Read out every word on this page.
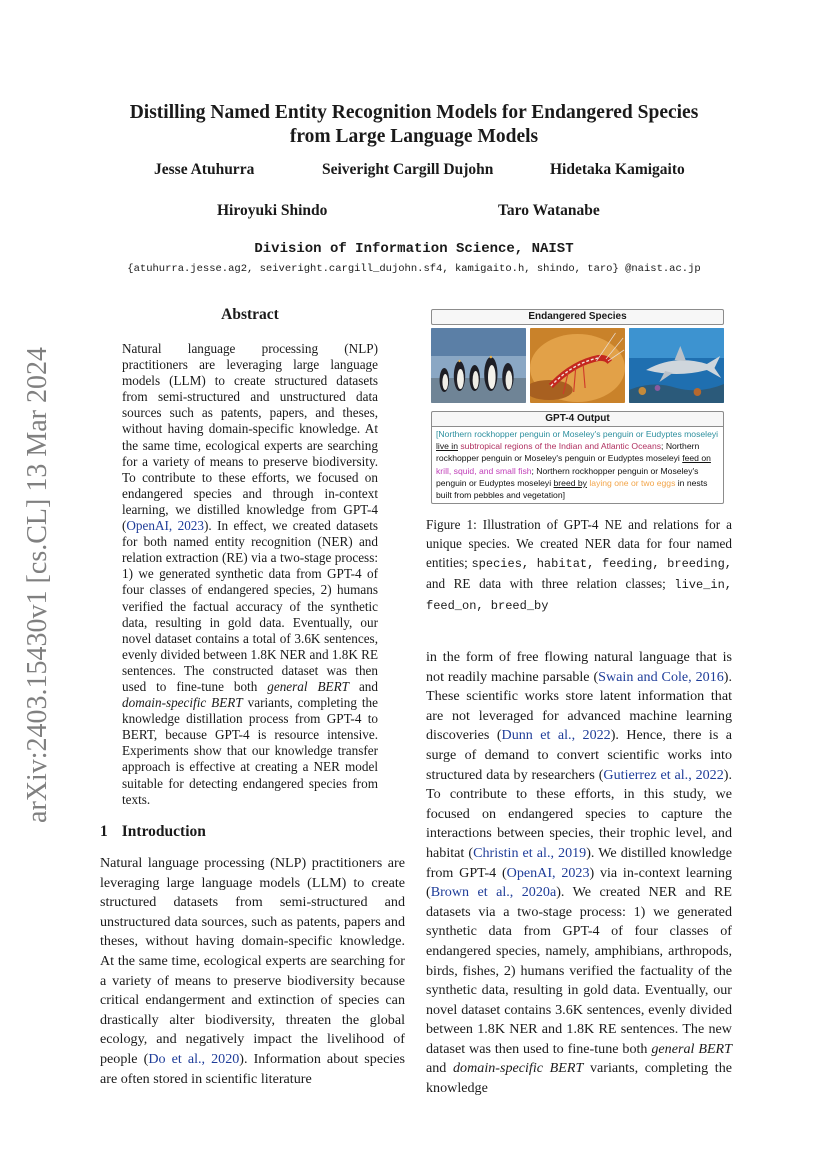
arXiv:2403.15430v1 [cs.CL] 13 Mar 2024
Distilling Named Entity Recognition Models for Endangered Species
from Large Language Models
Jesse Atuhurra	Seiveright Cargill Dujohn	Hidetaka Kamigaito
Hiroyuki Shindo	Taro Watanabe
Division of Information Science, NAIST
{atuhurra.jesse.ag2, seiveright.cargill_dujohn.sf4, kamigaito.h, shindo, taro} @naist.ac.jp
Abstract
Natural language processing (NLP) practitioners are leveraging large language models (LLM) to create structured datasets from semi-structured and unstructured data sources such as patents, papers, and theses, without having domain-specific knowledge. At the same time, ecological experts are searching for a variety of means to preserve biodiversity. To contribute to these efforts, we focused on endangered species and through in-context learning, we distilled knowledge from GPT-4 (OpenAI, 2023). In effect, we created datasets for both named entity recognition (NER) and relation extraction (RE) via a two-stage process: 1) we generated synthetic data from GPT-4 of four classes of endangered species, 2) humans verified the factual accuracy of the synthetic data, resulting in gold data. Eventually, our novel dataset contains a total of 3.6K sentences, evenly divided between 1.8K NER and 1.8K RE sentences. The constructed dataset was then used to fine-tune both general BERT and domain-specific BERT variants, completing the knowledge distillation process from GPT-4 to BERT, because GPT-4 is resource intensive. Experiments show that our knowledge transfer approach is effective at creating a NER model suitable for detecting endangered species from texts.
1 Introduction
Natural language processing (NLP) practitioners are leveraging large language models (LLM) to create structured datasets from semi-structured and unstructured data sources, such as patents, papers and theses, without having domain-specific knowledge. At the same time, ecological experts are searching for a variety of means to preserve biodiversity because critical endangerment and extinction of species can drastically alter biodiversity, threaten the global ecology, and negatively impact the livelihood of people (Do et al., 2020). Information about species are often stored in scientific literature
in the form of free flowing natural language that is not readily machine parsable (Swain and Cole, 2016). These scientific works store latent information that are not leveraged for advanced machine learning discoveries (Dunn et al., 2022). Hence, there is a surge of demand to convert scientific works into structured data by researchers (Gutierrez et al., 2022). To contribute to these efforts, in this study, we focused on endangered species to capture the interactions between species, their trophic level, and habitat (Christin et al., 2019). We distilled knowledge from GPT-4 (OpenAI, 2023) via in-context learning (Brown et al., 2020a). We created NER and RE datasets via a two-stage process: 1) we generated synthetic data from GPT-4 of four classes of endangered species, namely, amphibians, arthropods, birds, fishes, 2) humans verified the factuality of the synthetic data, resulting in gold data. Eventually, our novel dataset contains 3.6K sentences, evenly divided between 1.8K NER and 1.8K RE sentences. The new dataset was then used to fine-tune both general BERT and domain-specific BERT variants, completing the knowledge
Endangered Species
GPT-4 Output
[Northern rockhopper penguin or Moseley's penguin or Eudyptes moseleyi live in subtropical regions of the Indian and Atlantic Oceans; Northern rockhopper penguin or Moseley's penguin or Eudyptes moseleyi feed on krill, squid, and small fish; Northern rockhopper penguin or Moseley's penguin or Eudyptes moseleyi breed by laying one or two eggs in nests built from pebbles and vegetation]
Figure 1: Illustration of GPT-4 NE and relations for a unique species. We created NER data for four named entities; species, habitat, feeding, breeding, and RE data with three relation classes; live_in, feed_on, breed_by
